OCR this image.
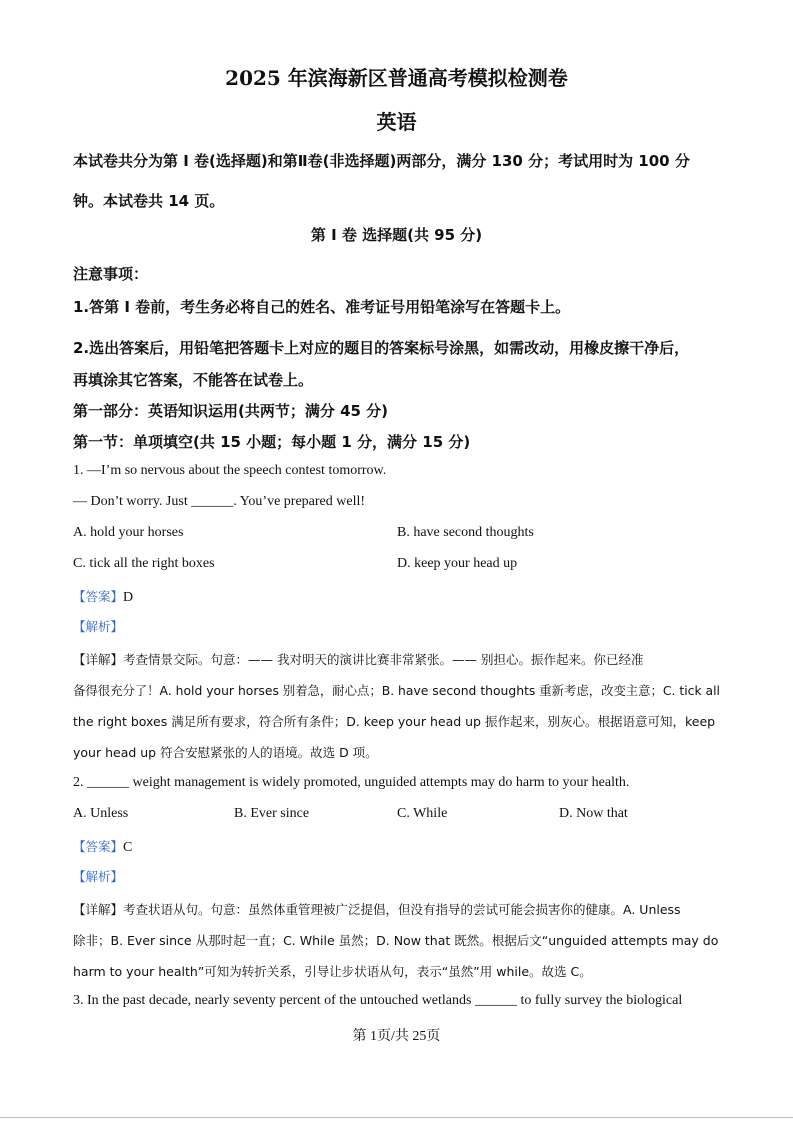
2025 年滨海新区普通高考模拟检测卷
英语
本试卷共分为第 I 卷(选择题)和第Ⅱ卷(非选择题)两部分，满分 130 分；考试用时为 100 分
钟。本试卷共 14 页。
第 I 卷 选择题(共 95 分)
注意事项：
1.答第 I 卷前，考生务必将自己的姓名、准考证号用铅笔涂写在答题卡上。
2.选出答案后，用铅笔把答题卡上对应的题目的答案标号涂黑，如需改动，用橡皮擦干净后，
再填涂其它答案，不能答在试卷上。
第一部分：英语知识运用(共两节；满分 45 分)
第一节：单项填空(共 15 小题；每小题 1 分，满分 15 分)
1. —I’m so nervous about the speech contest tomorrow.
— Don’t worry. Just ______. You’ve prepared well!
A. hold your horses	B. have second thoughts
C. tick all the right boxes	D. keep your head up
【答案】D
【解析】
【详解】考查情景交际。句意：—— 我对明天的演讲比赛非常紧张。—— 别担心。振作起来。你已经准
备得很充分了！A. hold your horses 别着急，耐心点；B. have second thoughts 重新考虑，改变主意；C. tick all
the right boxes 满足所有要求，符合所有条件；D. keep your head up 振作起来，别灰心。根据语意可知，keep
your head up 符合安慰紧张的人的语境。故选 D 项。
2. ______ weight management is widely promoted, unguided attempts may do harm to your health.
A. Unless	B. Ever since	C. While	D. Now that
【答案】C
【解析】
【详解】考查状语从句。句意：虽然体重管理被广泛提倡，但没有指导的尝试可能会损害你的健康。A. Unless
除非；B. Ever since 从那时起一直；C. While 虽然；D. Now that 既然。根据后文“unguided attempts may do
harm to your health”可知为转折关系，引导让步状语从句，表示“虽然”用 while。故选 C。
3. In the past decade, nearly seventy percent of the untouched wetlands ______ to fully survey the biological
第 1页/共 25页
